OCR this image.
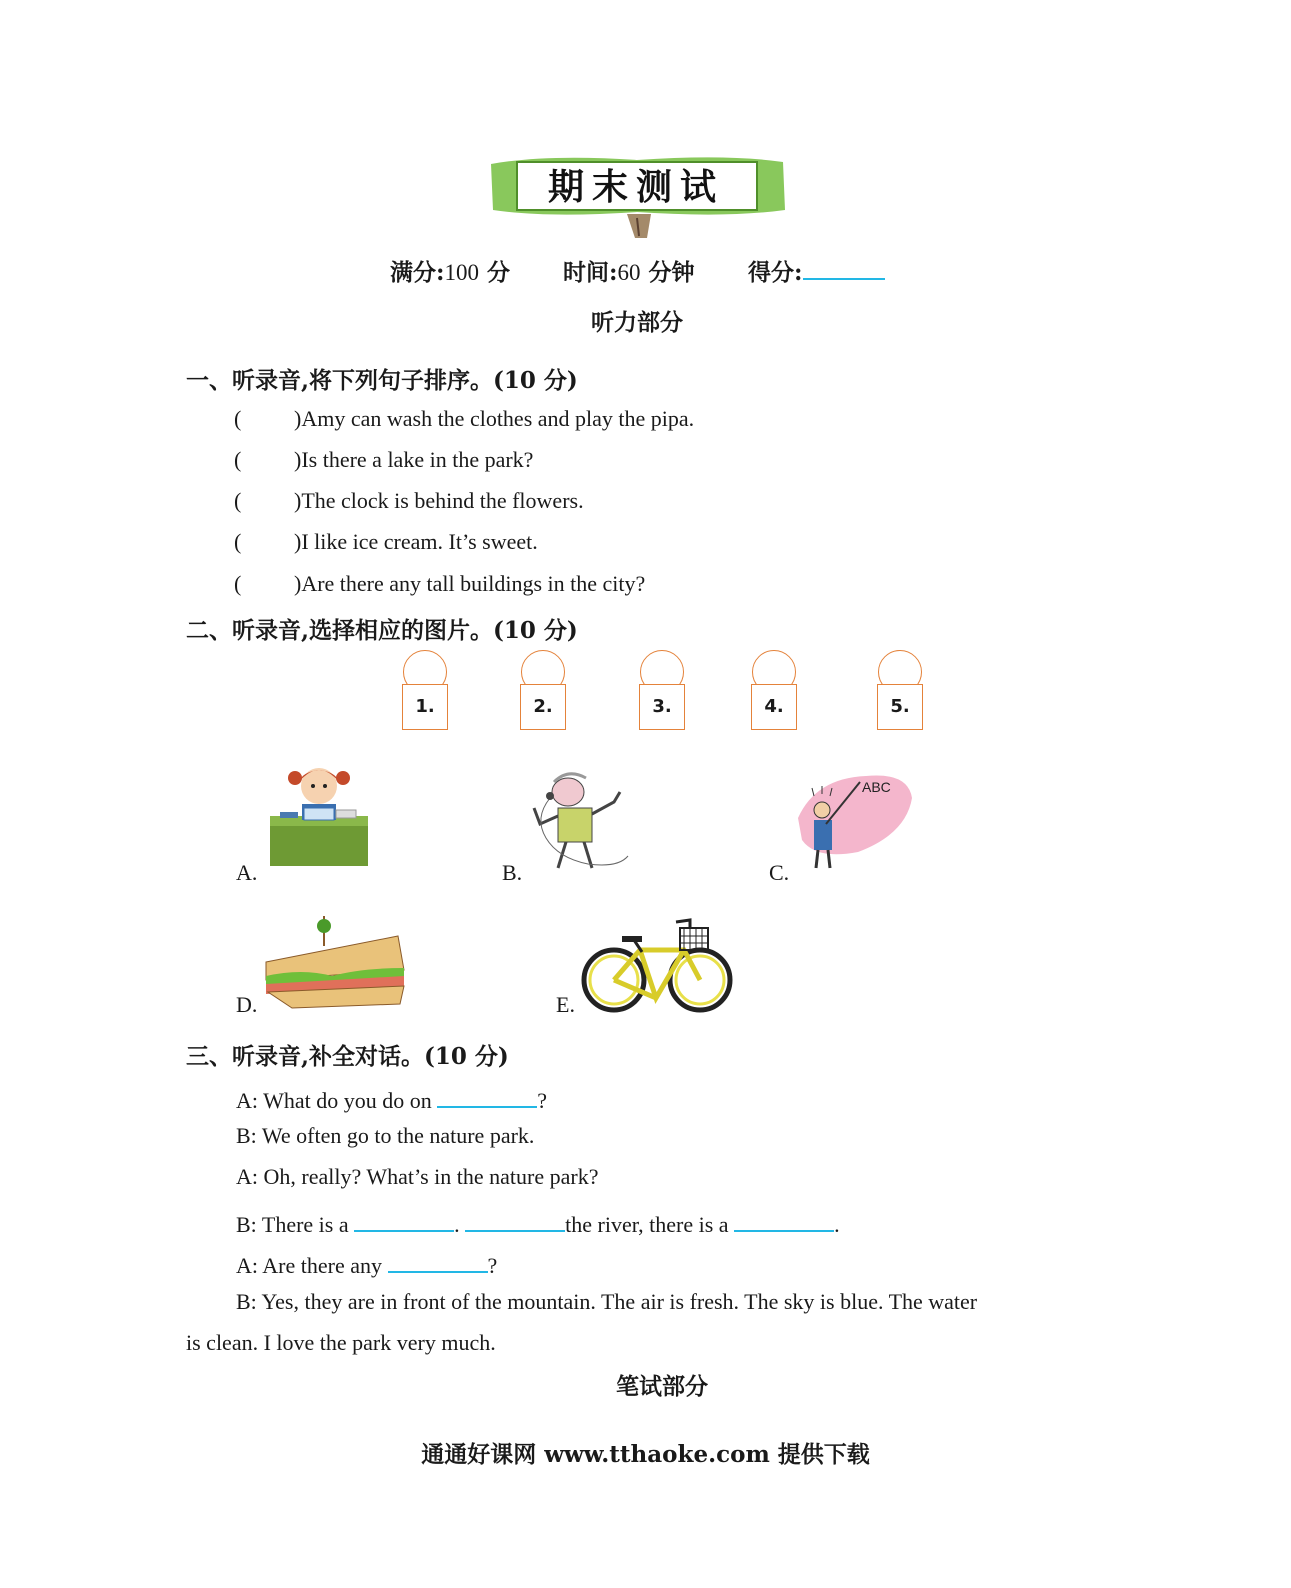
期末测试
满分:100 分 时间:60 分钟 得分:
听力部分
一、听录音,将下列句子排序。(10 分)
( )Amy can wash the clothes and play the pipa.
( )Is there a lake in the park?
( )The clock is behind the flowers.
( )I like ice cream. It’s sweet.
( )Are there any tall buildings in the city?
二、听录音,选择相应的图片。(10 分)
1.	2.	3.	4.	5.
A.	B.	C.
ABC
D.	E.
三、听录音,补全对话。(10 分)
A: What do you do on	?
B: We often go to the nature park.
A: Oh, really? What’s in the nature park?
B: There is a	.	the river, there is a	.
A: Are there any	?
B: Yes, they are in front of the mountain. The air is fresh. The sky is blue. The water
is clean. I love the park very much.
笔试部分
通通好课网 www.tthaoke.com 提供下载
